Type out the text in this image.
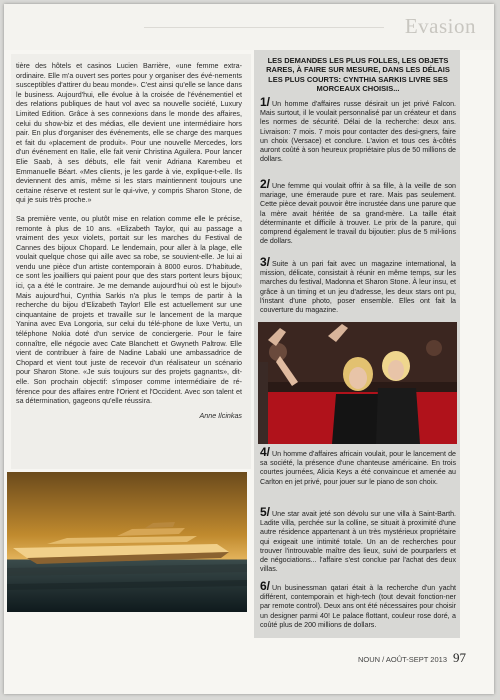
Evasion

tière des hôtels et casinos Lucien Barrière, «une femme extra-ordinaire. Elle m'a ouvert ses portes pour y organiser des évé-nements susceptibles d'attirer du beau monde». C'est ainsi qu'elle se lance dans le business. Aujourd'hui, elle évolue à la croisée de l'événementiel et des relations publiques de haut vol avec sa nouvelle société, Luxury Limited Edition. Grâce à ses connexions dans le monde des affaires, celui du show-biz et des médias, elle devient une intermédiaire hors pair. En plus d'organiser des événements, elle se charge des marques et fait du «placement de produit». Pour une nouvelle Mercedes, lors d'un événement en Italie, elle fait venir Christina Aguilera. Pour lancer Elie Saab, à ses débuts, elle fait venir Adriana Karembeu et Emmanuelle Béart. «Mes clients, je les garde à vie, explique-t-elle. Ils deviennent des amis, même si les stars maintiennent toujours une certaine réserve et restent sur le qui-vive, y compris Sharon Stone, de qui je suis très proche.»

Sa première vente, ou plutôt mise en relation comme elle le précise, remonte à plus de 10 ans. «Elizabeth Taylor, qui au passage a vraiment des yeux violets, portait sur les marches du Festival de Cannes des bijoux Chopard. Le lendemain, pour aller à la plage, elle voulait quelque chose qui aille avec sa robe, se souvient-elle. Je lui ai vendu une pièce d'un artiste contemporain à 8000 euros. D'habitude, ce sont les joailliers qui paient pour que des stars portent leurs bijoux; ici, ça a été le contraire. Je me demande aujourd'hui où est le bijou!» Mais aujourd'hui, Cynthia Sarkis n'a plus le temps de partir à la recherche du bijou d'Elizabeth Taylor! Elle est actuellement sur une cinquantaine de projets et travaille sur le lancement de la marque Yanina avec Eva Longoria, sur celui du télé-phone de luxe Vertu, un téléphone Nokia doté d'un service de conciergerie. Pour le faire connaître, elle négocie avec Cate Blanchett et Gwyneth Paltrow. Elle vient de contribuer à faire de Nadine Labaki une ambassadrice de Chopard et vient tout juste de recevoir d'un réalisateur un scénario pour Sharon Stone. «Je suis toujours sur des projets gagnants», dit-elle. Son prochain objectif: s'imposer comme intermédiaire de ré-férence pour des affaires entre l'Orient et l'Occident. Avec son talent et sa détermination, gageons qu'elle réussira.

Anne Ilcinkas
LES DEMANDES LES PLUS FOLLES, LES OBJETS RARES, À FAIRE SUR MESURE, DANS LES DÉLAIS LES PLUS COURTS: CYNTHIA SARKIS LIVRE SES MORCEAUX CHOISIS...
1/ Un homme d'affaires russe désirait un jet privé Falcon. Mais surtout, il le voulait personnalisé par un créateur et dans les normes de sécurité. Délai de la recherche: deux ans. Livraison: 7 mois. 7 mois pour contacter des desi-gners, faire un choix (Versace) et conclure. L'avion et tous ces à-côtés auront coûté à son heureux propriétaire plus de 50 millions de dollars.
2/ Une femme qui voulait offrir à sa fille, à la veille de son mariage, une émeraude pure et rare. Mais pas seulement. Cette pièce devait pouvoir être incrustée dans une parure que la mère avait héritée de sa grand-mère. La taille était déterminante et difficile à trouver. Le prix de la parure, qui comprend également le travail du bijoutier: plus de 5 mil-lions de dollars.
3/ Suite à un pari fait avec un magazine international, la mission, délicate, consistait à réunir en même temps, sur les marches du festival, Madonna et Sharon Stone. À leur insu, et grâce à un timing et un jeu d'adresse, les deux stars ont pu, l'instant d'une photo, poser ensemble. Elles ont fait la couverture du magazine.
4/ Un homme d'affaires africain voulait, pour le lancement de sa société, la présence d'une chanteuse américaine. En trois courtes journées, Alicia Keys a été convaincue et amenée au Carlton en jet privé, pour jouer sur le piano de son choix.
5/ Une star avait jeté son dévolu sur une villa à Saint-Barth. Ladite villa, perchée sur la colline, se situait à proximité d'une autre résidence appartenant à un très mystérieux propriétaire qui exigeait une intimité totale. Un an de recherches pour trouver l'introuvable maître des lieux, suivi de pourparlers et de négociations... l'affaire s'est conclue par l'achat des deux villas.
6/ Un businessman qatari était à la recherche d'un yacht différent, contemporain et high-tech (tout devait fonction-ner par remote control). Deux ans ont été nécessaires pour choisir un designer parmi 40! Le palace flottant, couleur rose doré, a coûté plus de 200 millions de dollars.
NOUN / AOÛT-SEPT 2013 97
